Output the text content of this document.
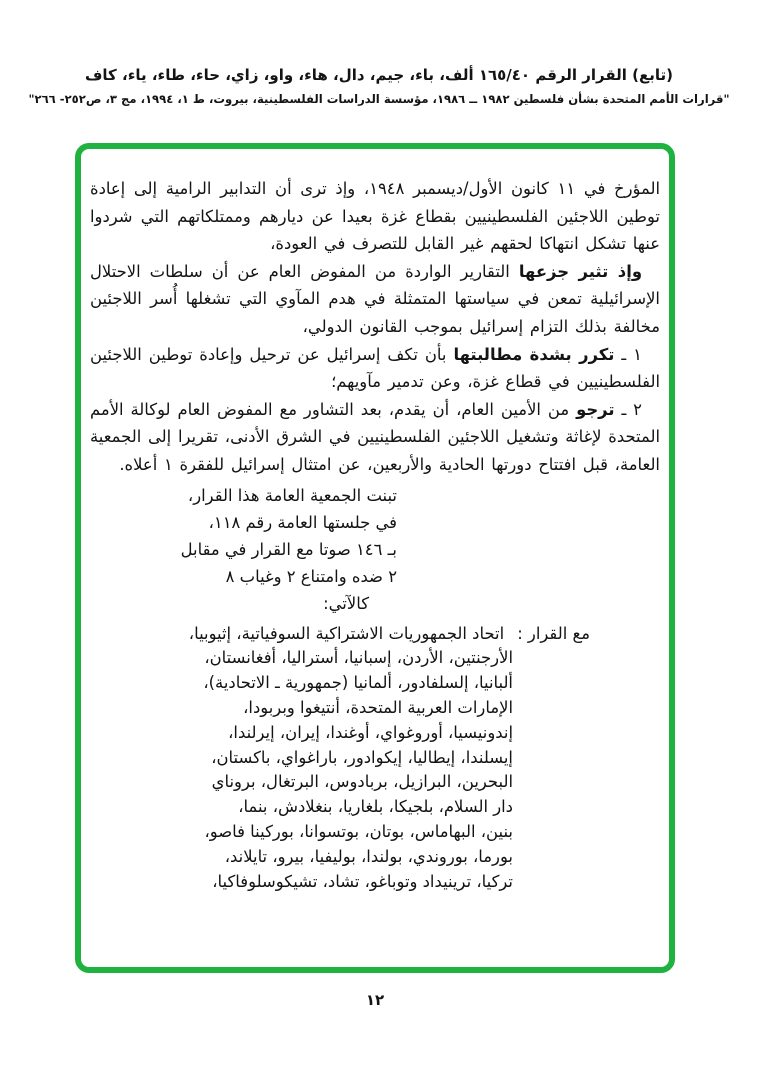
(تابع) القرار الرقم ١٦٥/٤٠ ألف، باء، جيم، دال، هاء، واو، زاي، حاء، طاء، ياء، كاف
"قرارات الأمم المتحدة بشأن فلسطين ١٩٨٢ ــ ١٩٨٦، مؤسسة الدراسات الفلسطينية، بيروت، ط ١، ١٩٩٤، مج ٣، ص٢٥٢- ٢٦٦"

المؤرخ في ١١ كانون الأول/ديسمبر ١٩٤٨، وإذ ترى أن التدابير الرامية إلى إعادة توطين اللاجئين الفلسطينيين بقطاع غزة بعيدا عن ديارهم وممتلكاتهم التي شردوا عنها تشكل انتهاكا لحقهم غير القابل للتصرف في العودة،

وإذ تثير جزعها التقارير الواردة من المفوض العام عن أن سلطات الاحتلال الإسرائيلية تمعن في سياستها المتمثلة في هدم المآوي التي تشغلها أُسر اللاجئين مخالفة بذلك التزام إسرائيل بموجب القانون الدولي،

١ ـ تكرر بشدة مطالبتها بأن تكف إسرائيل عن ترحيل وإعادة توطين اللاجئين الفلسطينيين في قطاع غزة، وعن تدمير مآويهم؛

٢ ـ ترجو من الأمين العام، أن يقدم، بعد التشاور مع المفوض العام لوكالة الأمم المتحدة لإغاثة وتشغيل اللاجئين الفلسطينيين في الشرق الأدنى، تقريرا إلى الجمعية العامة، قبل افتتاح دورتها الحادية والأربعين، عن امتثال إسرائيل للفقرة ١ أعلاه.

تبنت الجمعية العامة هذا القرار،
في جلستها العامة رقم ١١٨،
بـ ١٤٦ صوتا مع القرار في مقابل
٢ ضده وامتناع ٢ وغياب ٨
كالآتي:
مع القرار :اتحاد الجمهوريات الاشتراكية السوفياتية، إثيوبيا،
الأرجنتين، الأردن، إسبانيا، أستراليا، أفغانستان،
ألبانيا، إلسلفادور، ألمانيا (جمهورية ـ الاتحادية)،
الإمارات العربية المتحدة، أنتيغوا وبربودا،
إندونيسيا، أوروغواي، أوغندا، إيران، إيرلندا،
إيسلندا، إيطاليا، إيكوادور، باراغواي، باكستان،
البحرين، البرازيل، بربادوس، البرتغال، بروناي
دار السلام، بلجيكا، بلغاريا، بنغلادش، بنما،
بنين، البهاماس، بوتان، بوتسوانا، بوركينا فاصو،
بورما، بوروندي، بولندا، بوليفيا، بيرو، تايلاند،
تركيا، ترينيداد وتوباغو، تشاد، تشيكوسلوفاكيا،
١٢
